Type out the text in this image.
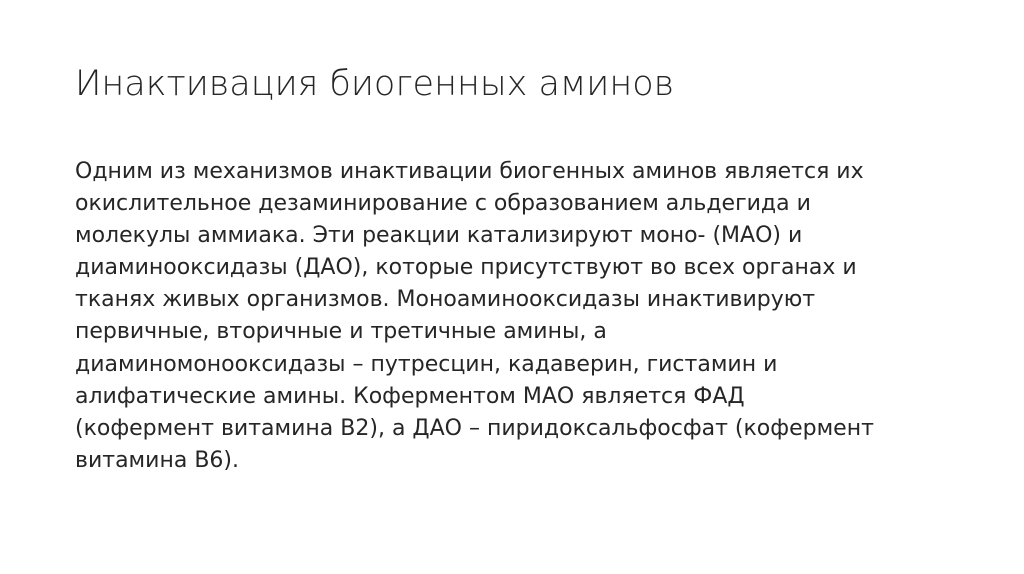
Инактивация биогенных аминов
Одним из механизмов инактивации биогенных аминов является их
окислительное дезаминирование с образованием альдегида и
молекулы аммиака. Эти реакции катализируют моно- (МАО) и
диаминооксидазы (ДАО), которые присутствуют во всех органах и
тканях живых организмов. Моноаминооксидазы инактивируют
первичные, вторичные и третичные амины, а
диаминомонооксидазы – путресцин, кадаверин, гистамин и
алифатические амины. Коферментом МАО является ФАД
(кофермент витамина В2), а ДАО – пиридоксальфосфат (кофермент
витамина В6).
